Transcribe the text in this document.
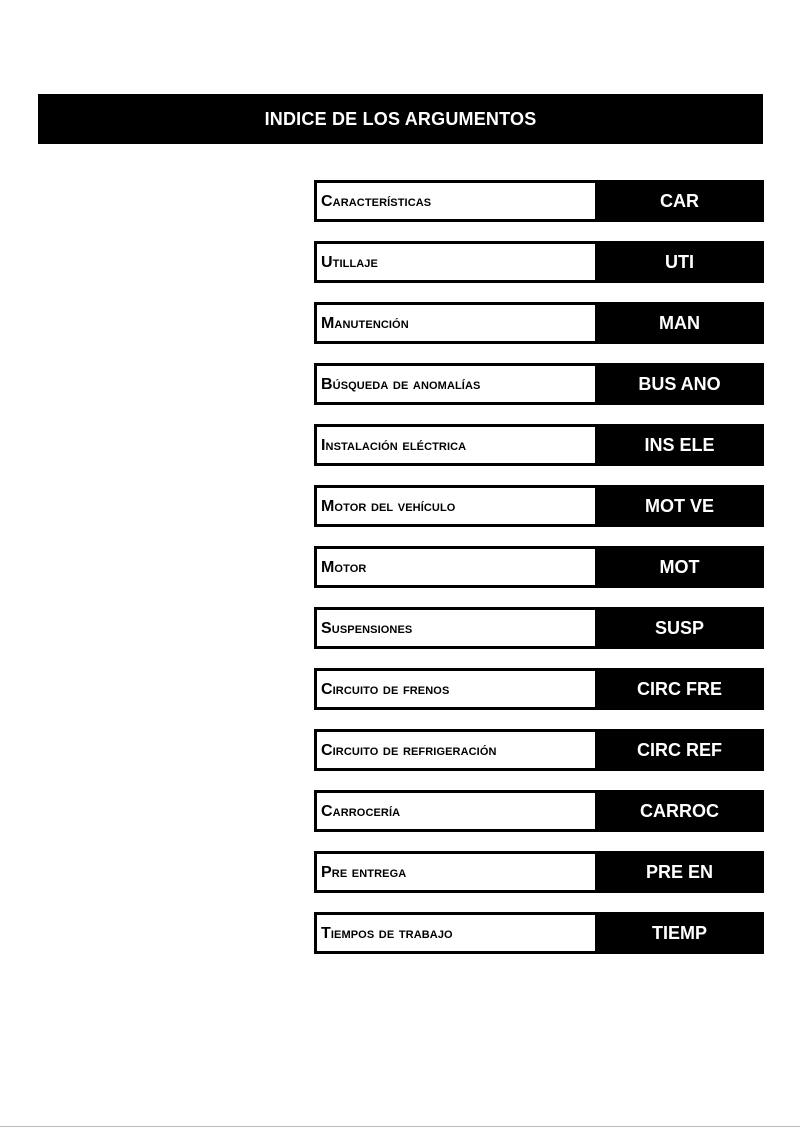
INDICE DE LOS ARGUMENTOS
Características	CAR
Utillaje	UTI
Manutención	MAN
Búsqueda de anomalías	BUS ANO
Instalación eléctrica	INS ELE
Motor del vehículo	MOT VE
Motor	MOT
Suspensiones	SUSP
Circuito de frenos	CIRC FRE
Circuito de refrigeración	CIRC REF
Carrocería	CARROC
Pre entrega	PRE EN
Tiempos de trabajo	TIEMP
